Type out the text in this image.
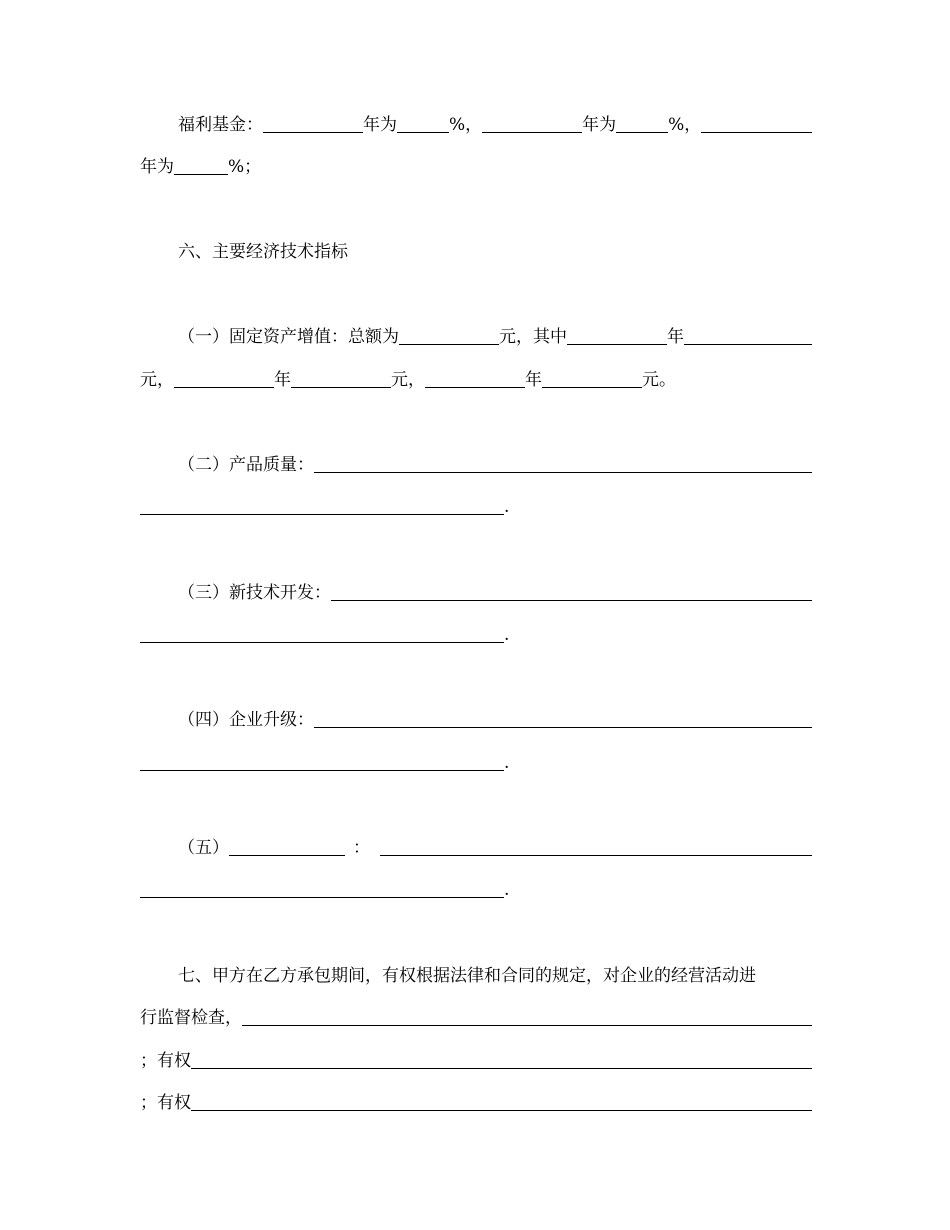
福利基金：	年为	%，	年为	%，
年为	%；
六、主要经济技术指标
（一）固定资产增值：总额为	元， 其中	年
元，	年	元，	年	元。
（二）产品质量：
.
（三）新技术开发：
.
（四）企业升级：
.
（五）	：
.
七、甲方在乙方承包期间，有权根据法律和合同的规定，对企业的经营活动进
行监督检查，
；有权
；有权
